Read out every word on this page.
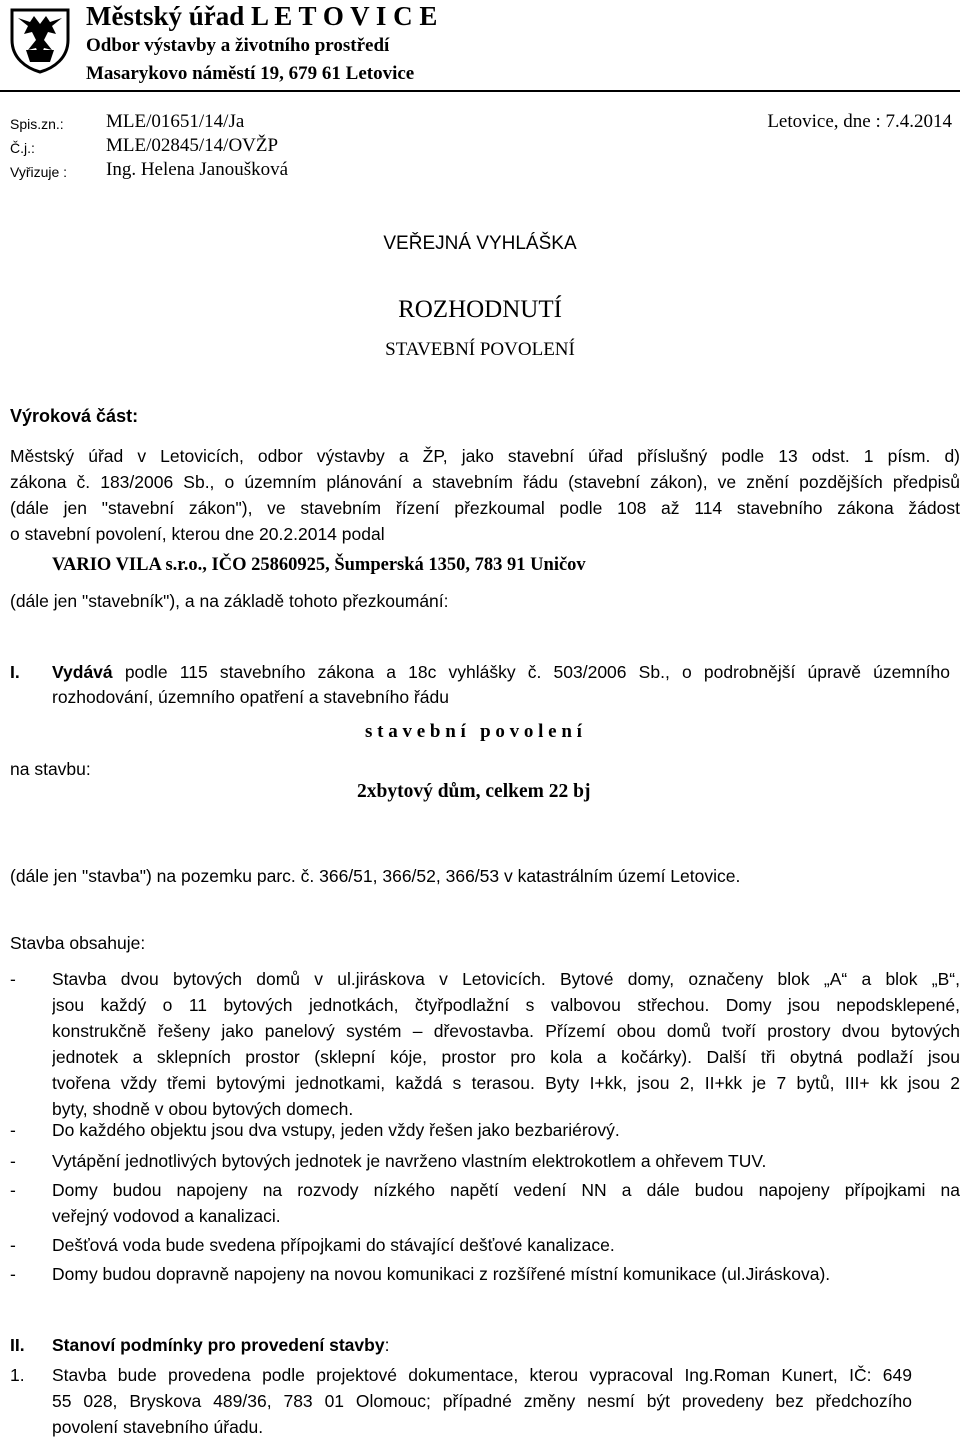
Městský úřad L E T O V I C E
Odbor výstavby a životního prostředí
Masarykovo náměstí 19, 679 61 Letovice
Spis.zn.: MLE/01651/14/Ja	Letovice, dne : 7.4.2014
Č.j.:	MLE/02845/14/OVŽP
Vyřizuje : Ing. Helena Janoušková
VEŘEJNÁ VYHLÁŠKA
ROZHODNUTÍ
STAVEBNÍ POVOLENÍ
Výroková část:
Městský úřad v Letovicích, odbor výstavby a ŽP, jako stavební úřad příslušný podle 13 odst. 1 písm. d)
zákona č. 183/2006 Sb., o územním plánování a stavebním řádu (stavební zákon), ve znění pozdějších předpisů
(dále jen "stavební zákon"), ve stavebním řízení přezkoumal podle 108 až 114 stavebního zákona žádost
o stavební povolení, kterou dne 20.2.2014 podal
VARIO VILA s.r.o., IČO 25860925, Šumperská 1350, 783 91 Uničov
(dále jen "stavebník"), a na základě tohoto přezkoumání:
I. Vydává podle 115 stavebního zákona a 18c vyhlášky č. 503/2006 Sb., o podrobnější úpravě územního
rozhodování, územního opatření a stavebního řádu
s t a v e b n í   p o v o l e n í
na stavbu:
2xbytový dům, celkem 22 bj
(dále jen "stavba") na pozemku parc. č. 366/51, 366/52, 366/53 v katastrálním území Letovice.
Stavba obsahuje:
-	Stavba dvou bytových domů v ul.jiráskova v Letovicích. Bytové domy, označeny blok „A“ a blok „B“,
jsou každý o 11 bytových jednotkách, čtyřpodlažní s valbovou střechou. Domy jsou nepodsklepené,
konstrukčně řešeny jako panelový systém – dřevostavba. Přízemí obou domů tvoří prostory dvou bytových
jednotek a sklepních prostor (sklepní kóje, prostor pro kola a kočárky). Další tři obytná podlaží jsou
tvořena vždy třemi bytovými jednotkami, každá s terasou. Byty I+kk, jsou 2, II+kk je 7 bytů, III+ kk jsou 2
byty, shodně v obou bytových domech.
-	Do každého objektu jsou dva vstupy, jeden vždy řešen jako bezbariérový.
-	Vytápění jednotlivých bytových jednotek je navrženo vlastním elektrokotlem a ohřevem TUV.
-	Domy budou napojeny na rozvody nízkého napětí vedení NN a dále budou napojeny přípojkami na
veřejný vodovod a kanalizaci.
-	Dešťová voda bude svedena přípojkami do stávající dešťové kanalizace.
-	Domy budou dopravně napojeny na novou komunikaci z rozšířené místní komunikace (ul.Jiráskova).
II. Stanoví podmínky pro provedení stavby:
1. Stavba bude provedena podle projektové dokumentace, kterou vypracoval Ing.Roman Kunert, IČ: 649
55 028, Bryskova 489/36, 783 01 Olomouc; případné změny nesmí být provedeny bez předchozího
povolení stavebního úřadu.
